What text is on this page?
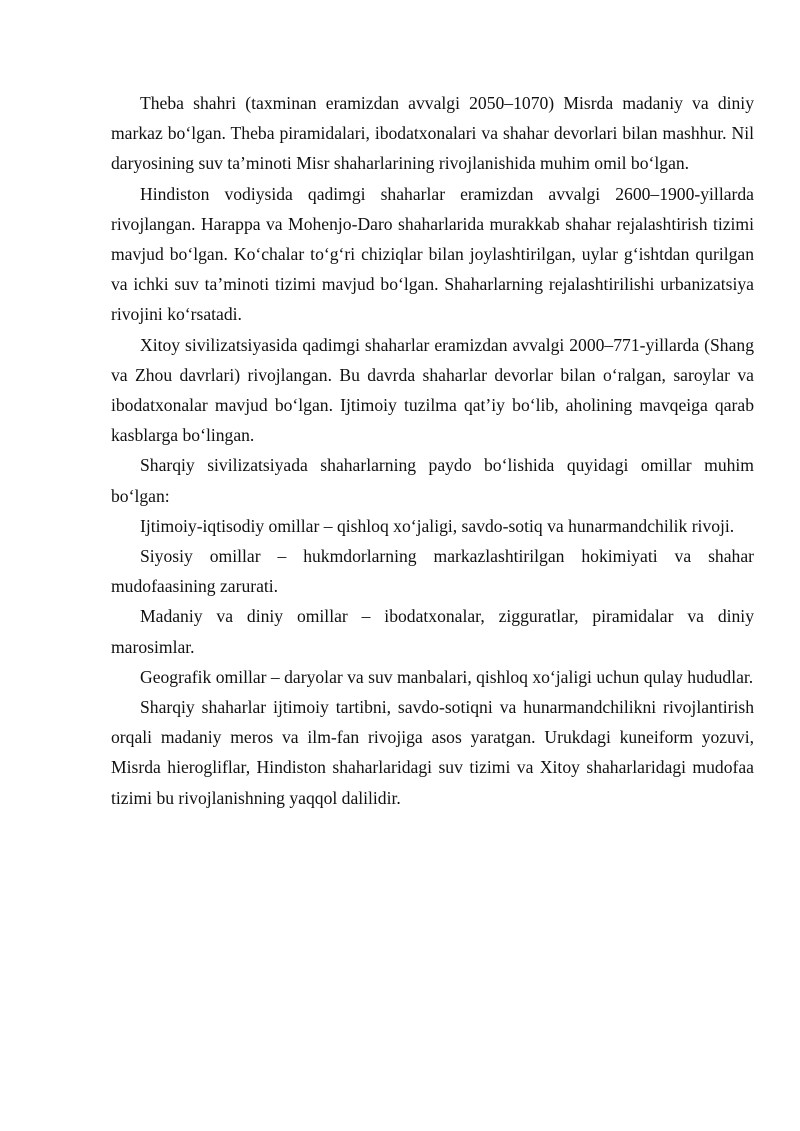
Theba shahri (taxminan eramizdan avvalgi 2050–1070) Misrda madaniy va diniy markaz bo‘lgan. Theba piramidalari, ibodatxonalari va shahar devorlari bilan mashhur. Nil daryosining suv ta’minoti Misr shaharlarining rivojlanishida muhim omil bo‘lgan.

Hindiston vodiysida qadimgi shaharlar eramizdan avvalgi 2600–1900-yillarda rivojlangan. Harappa va Mohenjo-Daro shaharlarida murakkab shahar rejalashtirish tizimi mavjud bo‘lgan. Ko‘chalar to‘g‘ri chiziqlar bilan joylashtirilgan, uylar g‘ishtdan qurilgan va ichki suv ta’minoti tizimi mavjud bo‘lgan. Shaharlarning rejalashtirilishi urbanizatsiya rivojini ko‘rsatadi.

Xitoy sivilizatsiyasida qadimgi shaharlar eramizdan avvalgi 2000–771-yillarda (Shang va Zhou davrlari) rivojlangan. Bu davrda shaharlar devorlar bilan o‘ralgan, saroylar va ibodatxonalar mavjud bo‘lgan. Ijtimoiy tuzilma qat’iy bo‘lib, aholining mavqeiga qarab kasblarga bo‘lingan.

Sharqiy sivilizatsiyada shaharlarning paydo bo‘lishida quyidagi omillar muhim bo‘lgan:

Ijtimoiy-iqtisodiy omillar – qishloq xo‘jaligi, savdo-sotiq va hunarmandchilik rivoji.

Siyosiy omillar – hukmdorlarning markazlashtirilgan hokimiyati va shahar mudofaasining zarurati.

Madaniy va diniy omillar – ibodatxonalar, zigguratlar, piramidalar va diniy marosimlar.

Geografik omillar – daryolar va suv manbalari, qishloq xo‘jaligi uchun qulay hududlar.

Sharqiy shaharlar ijtimoiy tartibni, savdo-sotiqni va hunarmandchilikni rivojlantirish orqali madaniy meros va ilm-fan rivojiga asos yaratgan. Urukdagi kuneiform yozuvi, Misrda hierogliflar, Hindiston shaharlaridagi suv tizimi va Xitoy shaharlaridagi mudofaa tizimi bu rivojlanishning yaqqol dalilidir.
